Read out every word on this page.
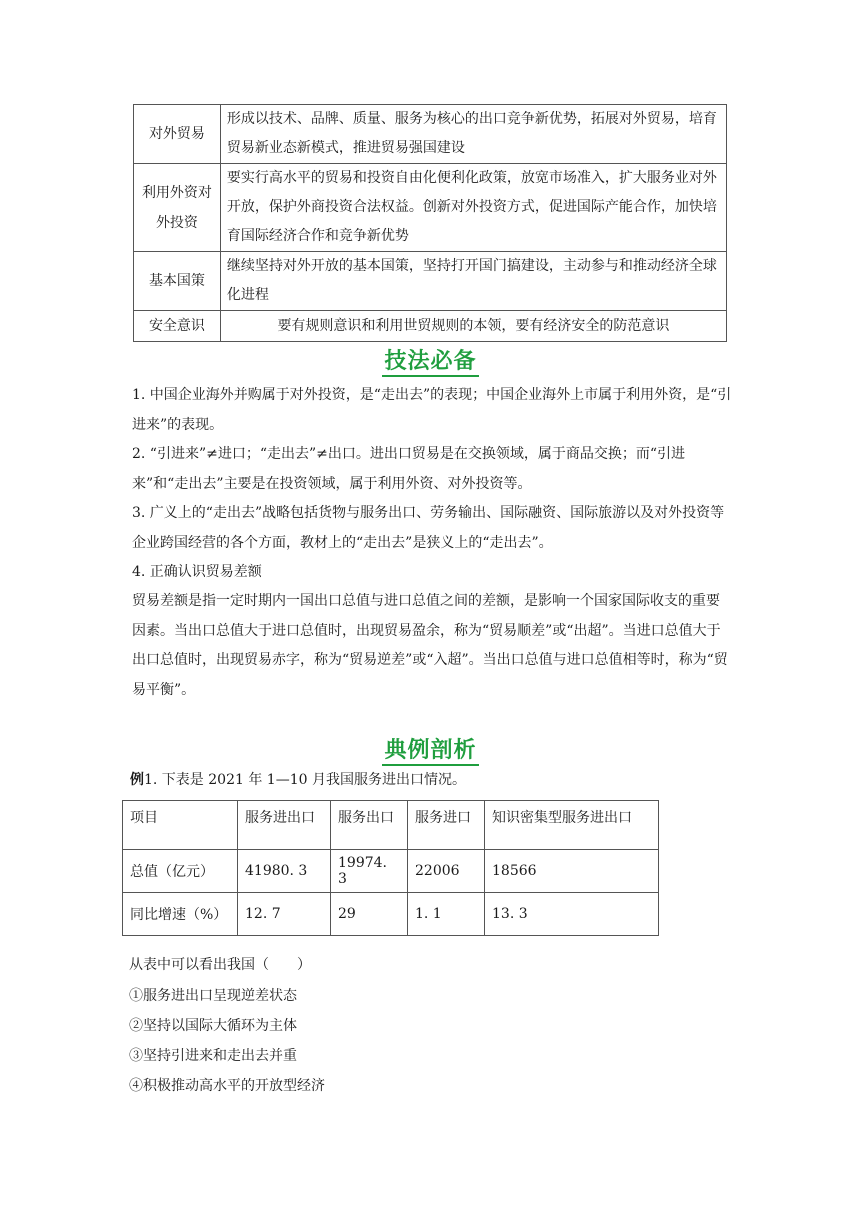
对外贸易	形成以技术、品牌、质量、服务为核心的出口竞争新优势，拓展对外贸易，培育贸易新业态新模式，推进贸易强国建设
利用外资对外投资	要实行高水平的贸易和投资自由化便利化政策，放宽市场准入，扩大服务业对外开放，保护外商投资合法权益。创新对外投资方式，促进国际产能合作，加快培育国际经济合作和竞争新优势
基本国策	继续坚持对外开放的基本国策，坚持打开国门搞建设，主动参与和推动经济全球化进程
安全意识	要有规则意识和利用世贸规则的本领，要有经济安全的防范意识
技法必备
1. 中国企业海外并购属于对外投资，是“走出去”的表现；中国企业海外上市属于利用外资，是“引进来”的表现。
2. “引进来”≠进口；“走出去”≠出口。进出口贸易是在交换领域，属于商品交换；而“引进来”和“走出去”主要是在投资领域，属于利用外资、对外投资等。
3. 广义上的“走出去”战略包括货物与服务出口、劳务输出、国际融资、国际旅游以及对外投资等企业跨国经营的各个方面，教材上的“走出去”是狭义上的“走出去”。
4. 正确认识贸易差额
贸易差额是指一定时期内一国出口总值与进口总值之间的差额，是影响一个国家国际收支的重要因素。当出口总值大于进口总值时，出现贸易盈余，称为“贸易顺差”或“出超”。当进口总值大于出口总值时，出现贸易赤字，称为“贸易逆差”或“入超”。当出口总值与进口总值相等时，称为“贸易平衡”。
典例剖析
例1. 下表是 2021 年 1—10 月我国服务进出口情况。
项目	服务进出口	服务出口	服务进口	知识密集型服务进出口
总值（亿元）	41980. 3	19974. 3	22006	18566
同比增速（%）	12. 7	29	1. 1	13. 3
从表中可以看出我国（　　）
①服务进出口呈现逆差状态
②坚持以国际大循环为主体
③坚持引进来和走出去并重
④积极推动高水平的开放型经济
